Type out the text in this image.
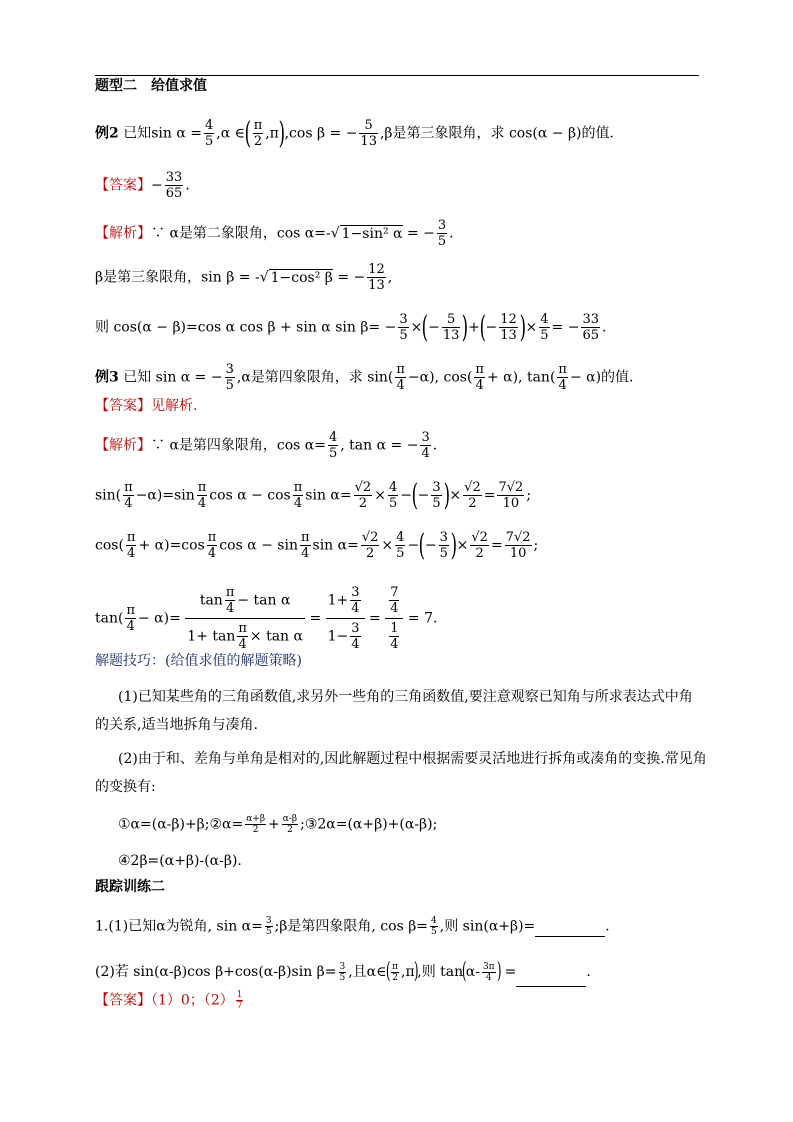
题型二　给值求值
例2 已知$\sin \alpha = \frac{4}{5} ,\alpha$ ∈( $\frac{\pi}{2} ,\pi),\cos$ β = − $\frac{5}{13} ,\beta$是第三象限角，求 cos(α − β)的值.
【答案】− $\frac{33}{65}$ .
【解析】∵ α是第二象限角，cos α=-√ 1−sin² α = − $\frac{3}{5}$ .
β是第三象限角，sin β = -√ 1−cos² β = − $\frac{12}{13}$ ,
则 cos(α − β)=cos α cos β + sin α $\sin \beta= - \frac{3}{5}$ ×(− $\frac{5}{13}$ )+(− $\frac{12}{13}$ )× $\frac{4}{5}$ = − $\frac{33}{65}$ .
例3 已知 sin α = − $\frac{3}{5} ,\alpha$是第四象限角，求 $\sin( \frac{\pi}{4} -\alpha)$, $\cos( \frac{\pi}{4} + \alpha)$, $\tan( \frac{\pi}{4} - \alpha)$的值.
【答案】见解析.
【解析】∵ α是第四象限角，$\cos \alpha= \frac{4}{5}$ , tan α = − $\frac{3}{4}$ .
$\sin( \frac{\pi}{4} -\alpha)=\sin \frac{\pi}{4}$ $\cos \alpha - \cos \frac{\pi}{4}$ $\sin \alpha= \frac{√2}{2} \times \frac{4}{5}$ −(− $\frac{3}{5}$ )× $\frac{√2}{2} = \frac{7√2}{10}$ ;
$\cos( \frac{\pi}{4} + \alpha)=\cos \frac{\pi}{4}$ $\cos \alpha - \sin \frac{\pi}{4}$ $\sin \alpha= \frac{√2}{2} \times \frac{4}{5}$ −(− $\frac{3}{5}$ )× $\frac{√2}{2} = \frac{7√2}{10}$ ;
$\tan( \frac{\pi}{4} - \alpha)= \frac{\tan \frac{\pi}{4} - \tan \alpha}{1+ \tan \frac{\pi}{4} \times \tan \alpha} = \frac{1+ \frac{3}{4}}{1- \frac{3}{4}} = \frac{\frac{7}{4}}{\frac{1}{4}} = 7$.
解题技巧：(给值求值的解题策略)
(1)已知某些角的三角函数值,求另外一些角的三角函数值,要注意观察已知角与所求表达式中角
的关系,适当地拆角与凑角.
(2)由于和、差角与单角是相对的,因此解题过程中根据需要灵活地进行拆角或凑角的变换.常见角
的变换有:
①α=(α-β)+β;②α= $\frac{\alpha+\beta}{2} + \frac{\alpha-\beta}{2}$ ;③2α=(α+β)+(α-β);
④2β=(α+β)-(α-β).
跟踪训练二
1.(1)已知α为锐角, $\sin \alpha= \frac{3}{5}$ ;β是第四象限角, $\cos \beta= \frac{4}{5}$ ,则 sin(α+β)=	.
(2)若 sin(α-β)cos β+cos(α-β)sin $\beta= \frac{3}{5}$ ,且α∈( $\frac{\pi}{2} ,\pi$),则 $\tan(\alpha- \frac{3\pi}{4}$ ) =	.
【答案】（1）0；$(2) \frac{1}{7}$
